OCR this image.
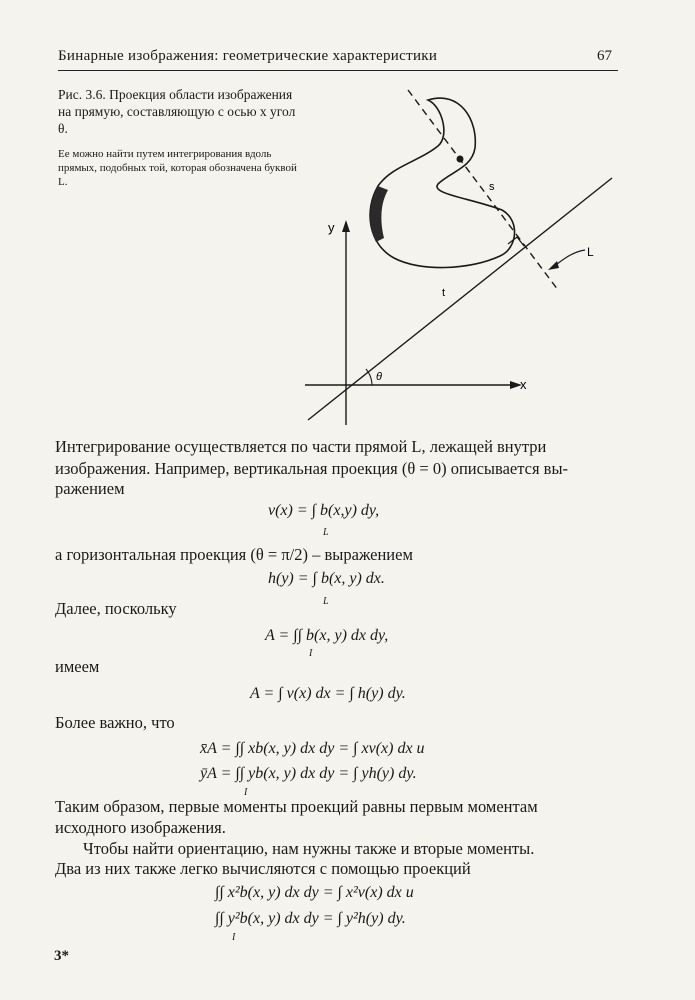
Бинарные изображения: геометрические характеристики	67
Рис. 3.6. Проекция области изображения на прямую, составляющую с осью x угол θ.
Ее можно найти путем интегрирования вдоль прямых, подобных той, которая обозначена буквой L.
y
x
θ
s
t
L
Интегрирование осуществляется по части прямой L, лежащей внутри
изображения. Например, вертикальная проекция (θ = 0) описывается вы-
ражением
v(x) = ∫ b(x,y) dy,
L
а горизонтальная проекция (θ = π/2) – выражением
h(y) = ∫ b(x, y) dx.
L
Далее, поскольку
A = ∫∫ b(x, y) dx dy,
I
имеем
A = ∫ v(x) dx = ∫ h(y) dy.
Более важно, что
x̄A = ∫∫ xb(x, y) dx dy = ∫ xv(x) dx и
ȳA = ∫∫ yb(x, y) dx dy = ∫ yh(y) dy.
I
Таким образом, первые моменты проекций равны первым моментам
исходного изображения.
Чтобы найти ориентацию, нам нужны также и вторые моменты.
Два из них также легко вычисляются с помощью проекций
∫∫ x²b(x, y) dx dy = ∫ x²v(x) dx и
∫∫ y²b(x, y) dx dy = ∫ y²h(y) dy.
I
3*
